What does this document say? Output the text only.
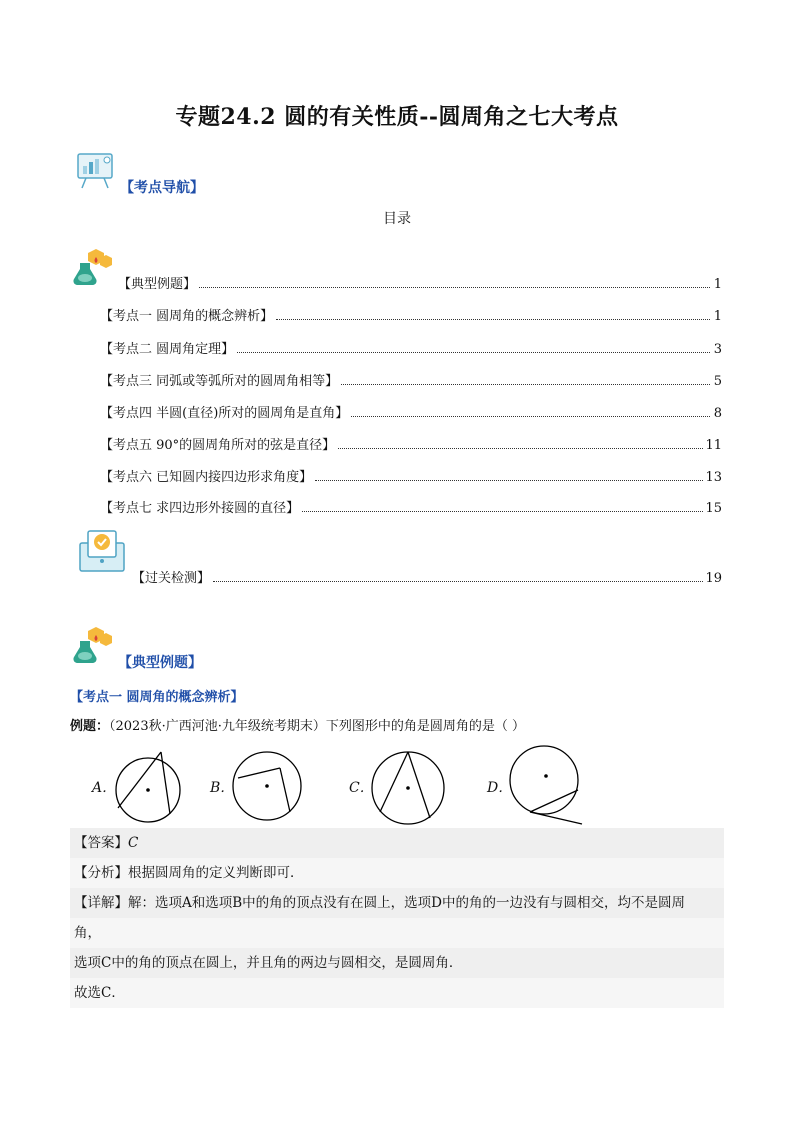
专题24.2 圆的有关性质--圆周角之七大考点
【考点导航】
目录
【典型例题】	1
【考点一 圆周角的概念辨析】	1
【考点二 圆周角定理】	3
【考点三 同弧或等弧所对的圆周角相等】	5
【考点四 半圆(直径)所对的圆周角是直角】	8
【考点五 90°的圆周角所对的弦是直径】	11
【考点六 已知圆内接四边形求角度】	13
【考点七 求四边形外接圆的直径】	15
【过关检测】	19
【典型例题】
【考点一 圆周角的概念辨析】
例题：（2023秋·广西河池·九年级统考期末）下列图形中的角是圆周角的是（ ）
A．	B．	C．	D．
【答案】C
【分析】根据圆周角的定义判断即可．
【详解】解：选项A和选项B中的角的顶点没有在圆上，选项D中的角的一边没有与圆相交，均不是圆周
角，
选项C中的角的顶点在圆上，并且角的两边与圆相交，是圆周角．
故选C．
